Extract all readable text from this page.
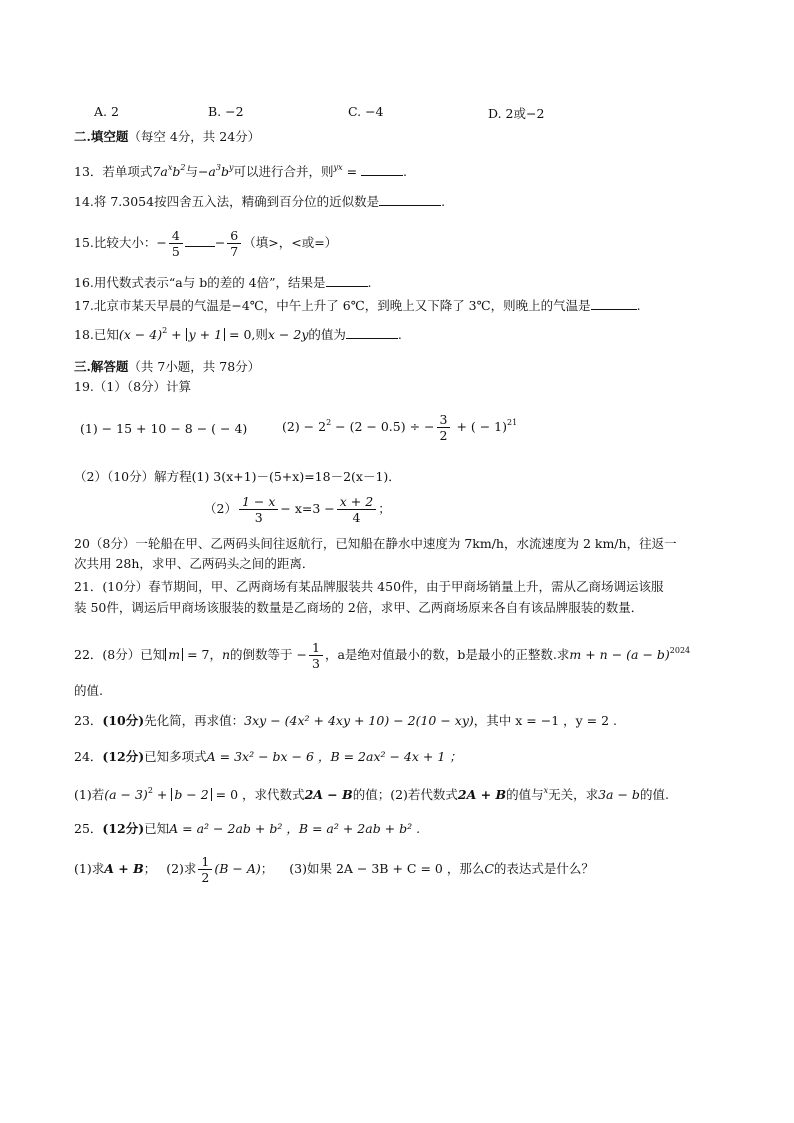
A. 2	B. −2	C. −4	D. 2或−2
二.填空题（每空 4分，共 24分）
13．若单项式$7a^xb^2$与$-a^3b^y$可以进行合并，则$^{yx}$ =	.
14.将 7.3054按四舍五入法，精确到百分位的近似数是	.
15.比较大小：− $\frac{4}{5}$	− $\frac{6}{7}$ （填>，<或=）
16.用代数式表示“a与 b的差的 4倍”，结果是	.
17.北京市某天早晨的气温是−4℃，中午上升了 6℃，到晚上又下降了 3℃，则晚上的气温是	.
18.已知$(x - 4)^2 + y + 1 = 0$,则x − 2y的值为	.
三.解答题（共 7小题，共 78分）
19.（1）（8分）计算
(1) − 15 + 10 − 8 − ( − 4)	$(2) - 2^2 - (2 - 0.5)$ ÷ − $\frac{3}{2}$ + ( − 1)$^{21}$
（2）（10分）解方程(1) 3(x+1)－(5+x)=18－2(x－1)．
$(2) \frac{1 - x}{3} - x=3 - \frac{x + 2}{4}$ ；
20（8分）一轮船在甲、乙两码头间往返航行，已知船在静水中速度为 7km/h，水流速度为 2 km/h，往返一
次共用 28h，求甲、乙两码头之间的距离．
21．(10分）春节期间，甲、乙两商场有某品牌服装共 450件，由于甲商场销量上升，需从乙商场调运该服
装 50件，调运后甲商场该服装的数量是乙商场的 2倍，求甲、乙两商场原来各自有该品牌服装的数量．
22．(8分）已知 m = 7，n的倒数等于 − $\frac{1}{3}$ ，a是绝对值最小的数，b是最小的正整数.求$m + n - (a - b)^{2024}$
的值.
23．(10分)先化简，再求值：3xy − (4x² + 4xy + 10) − 2(10 − xy)，其中 x = −1 ，y = 2 .
24．(12分)已知多项式A = 3x² − bx − 6 ，B = 2ax² − 4x + 1 ；
(1)若$(a - 3)^2 + b - 2 = 0$ ，求代数式2A − B的值；(2)若代数式2A + B的值与$^x$无关，求3a − b的值.
25．(12分)已知A = a² − 2ab + b² ，B = a² + 2ab + b² .
(1)求A + B； (2)求 $\frac{1}{2} (B - A)$； (3)如果 2A − 3B + C = 0 ，那么C的表达式是什么？
